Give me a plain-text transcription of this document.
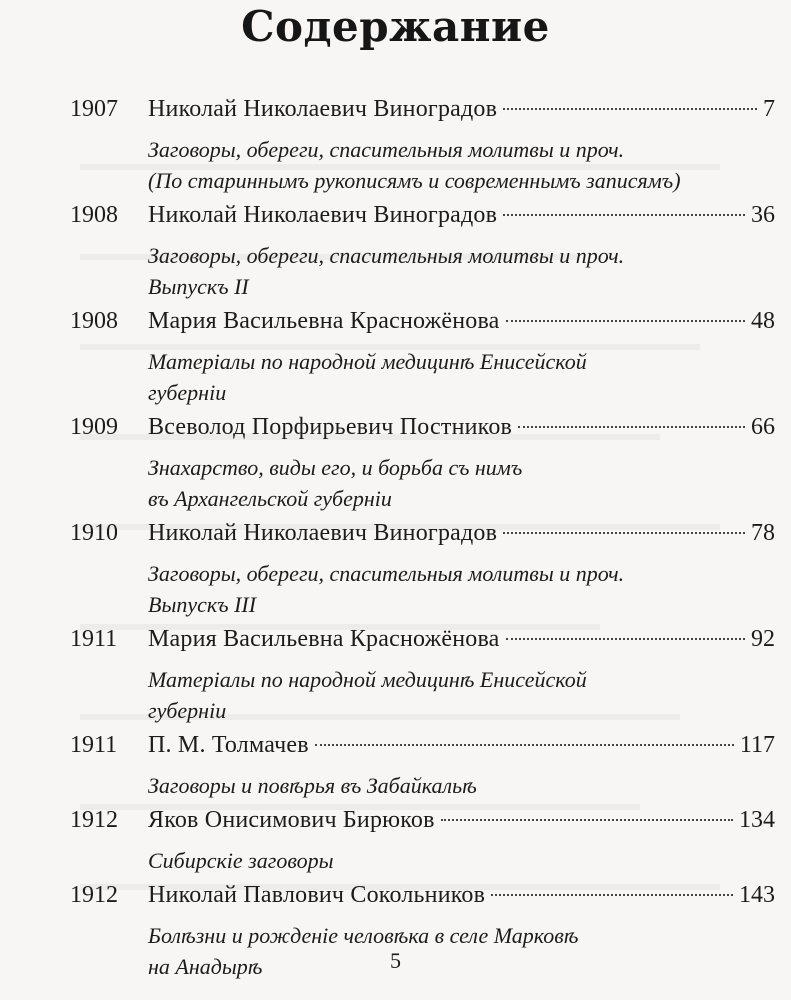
Содержание
1907	Николай Николаевич Виноградов	7
Заговоры, обереги, спасительныя молитвы и проч.
(По стариннымъ рукописямъ и современнымъ записямъ)
1908	Николай Николаевич Виноградов	36
Заговоры, обереги, спасительныя молитвы и проч.
Выпускъ II
1908	Мария Васильевна Красножёнова	48
Матеріалы по народной медицинѣ Енисейской
губерніи
1909	Всеволод Порфирьевич Постников	66
Знахарство, виды его, и борьба съ нимъ
въ Архангельской губерніи
1910	Николай Николаевич Виноградов	78
Заговоры, обереги, спасительныя молитвы и проч.
Выпускъ III
1911	Мария Васильевна Красножёнова	92
Матеріалы по народной медицинѣ Енисейской
губерніи
1911	П. М. Толмачев	117
Заговоры и повѣрья въ Забайкальѣ
1912	Яков Онисимович Бирюков	134
Сибирскіе заговоры
1912	Николай Павлович Сокольников	143
Болѣзни и рожденіе человѣка в селе Марковѣ
на Анадырѣ	5
